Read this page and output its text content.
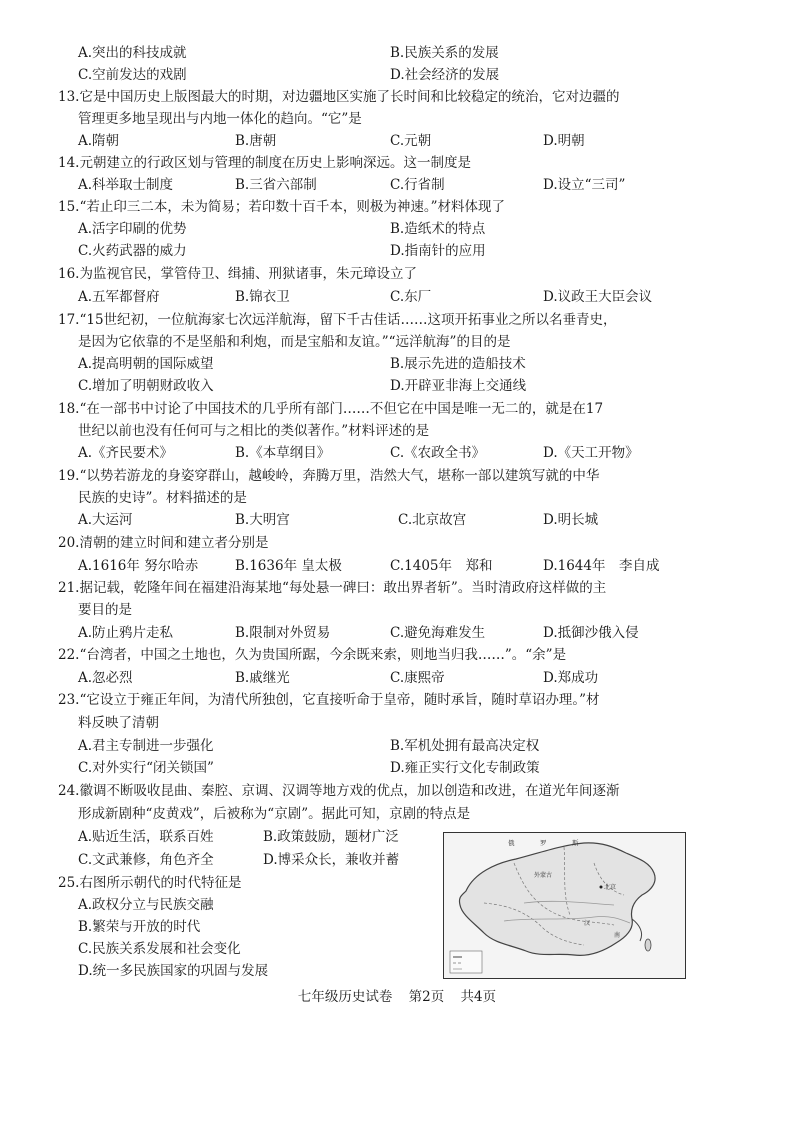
A.突出的科技成就	B.民族关系的发展
C.空前发达的戏剧	D.社会经济的发展
13.它是中国历史上版图最大的时期，对边疆地区实施了长时间和比较稳定的统治，它对边疆的
管理更多地呈现出与内地一体化的趋向。“它”是
A.隋朝	B.唐朝	C.元朝	D.明朝
14.元朝建立的行政区划与管理的制度在历史上影响深远。这一制度是
A.科举取士制度	B.三省六部制	C.行省制	D.设立“三司”
15.“若止印三二本，未为简易；若印数十百千本，则极为神速。”材料体现了
A.活字印刷的优势	B.造纸术的特点
C.火药武器的威力	D.指南针的应用
16.为监视官民，掌管侍卫、缉捕、刑狱诸事，朱元璋设立了
A.五军都督府	B.锦衣卫	C.东厂	D.议政王大臣会议
17.“15世纪初，一位航海家七次远洋航海，留下千古佳话……这项开拓事业之所以名垂青史，
是因为它依靠的不是坚船和利炮，而是宝船和友谊。”“远洋航海”的目的是
A.提高明朝的国际威望	B.展示先进的造船技术
C.增加了明朝财政收入	D.开辟亚非海上交通线
18.“在一部书中讨论了中国技术的几乎所有部门……不但它在中国是唯一无二的，就是在17
世纪以前也没有任何可与之相比的类似著作。”材料评述的是
A.《齐民要术》	B.《本草纲目》	C.《农政全书》	D.《天工开物》
19.“以势若游龙的身姿穿群山，越峻岭，奔腾万里，浩然大气，堪称一部以建筑写就的中华
民族的史诗”。材料描述的是
A.大运河	B.大明宫	C.北京故宫	D.明长城
20.清朝的建立时间和建立者分别是
A.1616年 努尔哈赤	B.1636年 皇太极	C.1405年　郑和	D.1644年　李自成
21.据记载，乾隆年间在福建沿海某地“每处悬一碑曰：敢出界者斩”。当时清政府这样做的主
要目的是
A.防止鸦片走私	B.限制对外贸易	C.避免海难发生	D.抵御沙俄入侵
22.“台湾者，中国之土地也，久为贵国所踞，今余既来索，则地当归我……”。“余”是
A.忽必烈	B.戚继光	C.康熙帝	D.郑成功
23.“它设立于雍正年间，为清代所独创，它直接听命于皇帝，随时承旨，随时草诏办理。”材
料反映了清朝
A.君主专制进一步强化	B.军机处拥有最高决定权
C.对外实行“闭关锁国”	D.雍正实行文化专制政策
24.徽调不断吸收昆曲、秦腔、京调、汉调等地方戏的优点，加以创造和改进，在道光年间逐渐
形成新剧种“皮黄戏”，后被称为“京剧”。据此可知，京剧的特点是
A.贴近生活，联系百姓	B.政策鼓励，题材广泛
C.文武兼修，角色齐全	D.博采众长，兼收并蓄
25.右图所示朝代的时代特征是
A.政权分立与民族交融
B.繁荣与开放的时代
C.民族关系发展和社会变化
D.统一多民族国家的巩固与发展
俄	罗	斯
外蒙古
北京
汉
南
七年级历史试卷 第2页 共4页
